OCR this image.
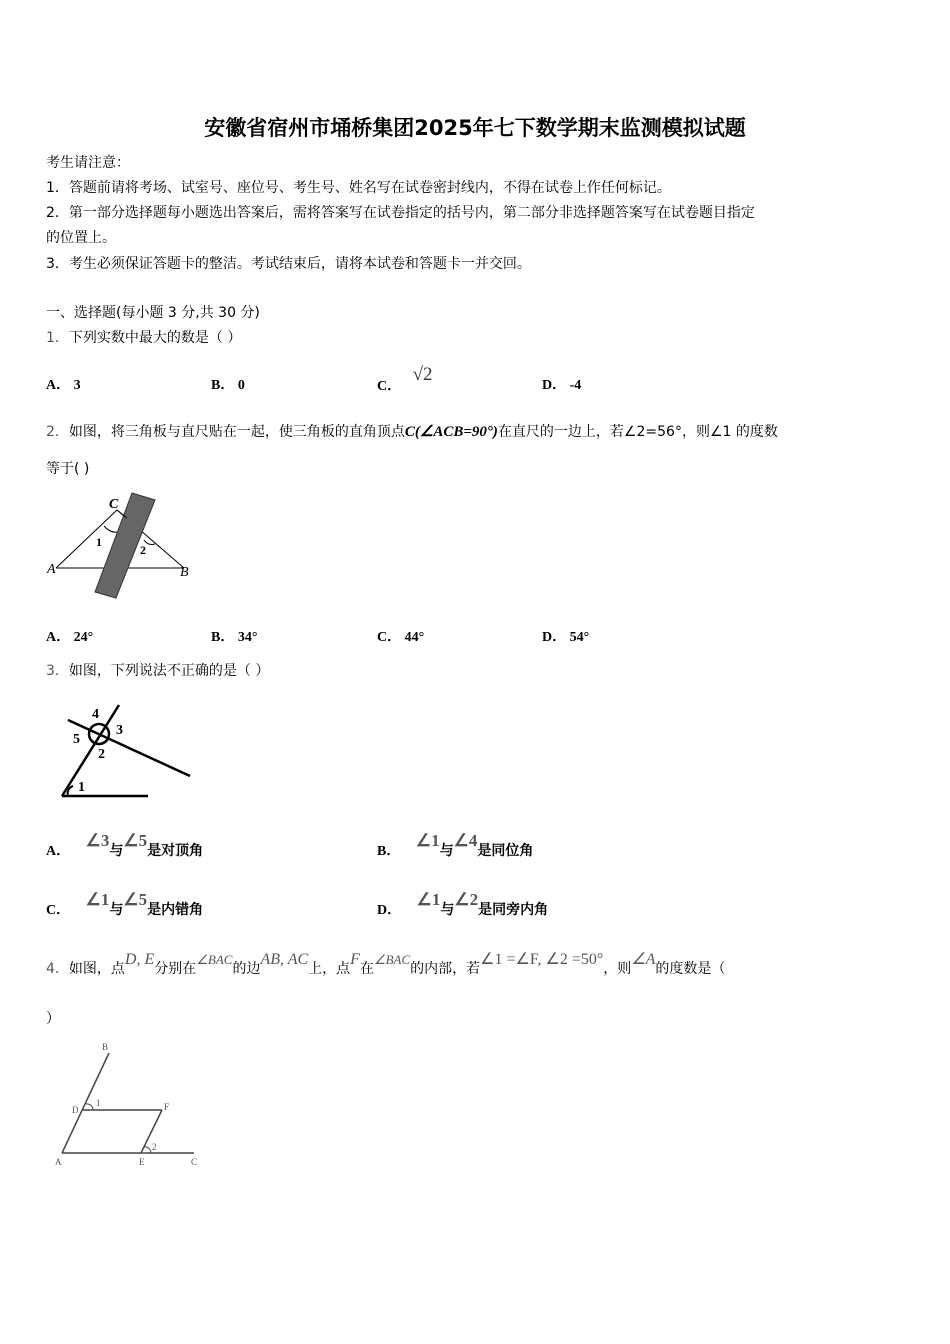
安徽省宿州市埇桥集团2025年七下数学期末监测模拟试题
考生请注意：
1．答题前请将考场、试室号、座位号、考生号、姓名写在试卷密封线内，不得在试卷上作任何标记。
2．第一部分选择题每小题选出答案后，需将答案写在试卷指定的括号内，第二部分非选择题答案写在试卷题目指定
的位置上。
3．考生必须保证答题卡的整洁。考试结束后，请将本试卷和答题卡一并交回。
一、选择题(每小题 3 分,共 30 分)
1．下列实数中最大的数是（ ）
A． 3	B． 0	C． √2
D． -4
2．如图，将三角板与直尺贴在一起，使三角板的直角顶点C(∠ACB=90°)在直尺的一边上，若∠2=56°，则∠1 的度数
等于( )
A	B
C
1
2
A． 24°	B． 34°	C． 44°	D． 54°
3．如图，下列说法不正确的是（ ）
4
3
5
2
1
A． ∠3与∠5是对顶角	B． ∠1与∠4是同位角
C． ∠1与∠5是内错角	D． ∠1与∠2是同旁内角
4．如图，点D, E分别在∠BAC的边AB, AC上，点F在∠BAC的内部，若∠1 =∠F, ∠2 =50°，则∠A的度数是（
）
A
B
C
D
E
F
1
2
